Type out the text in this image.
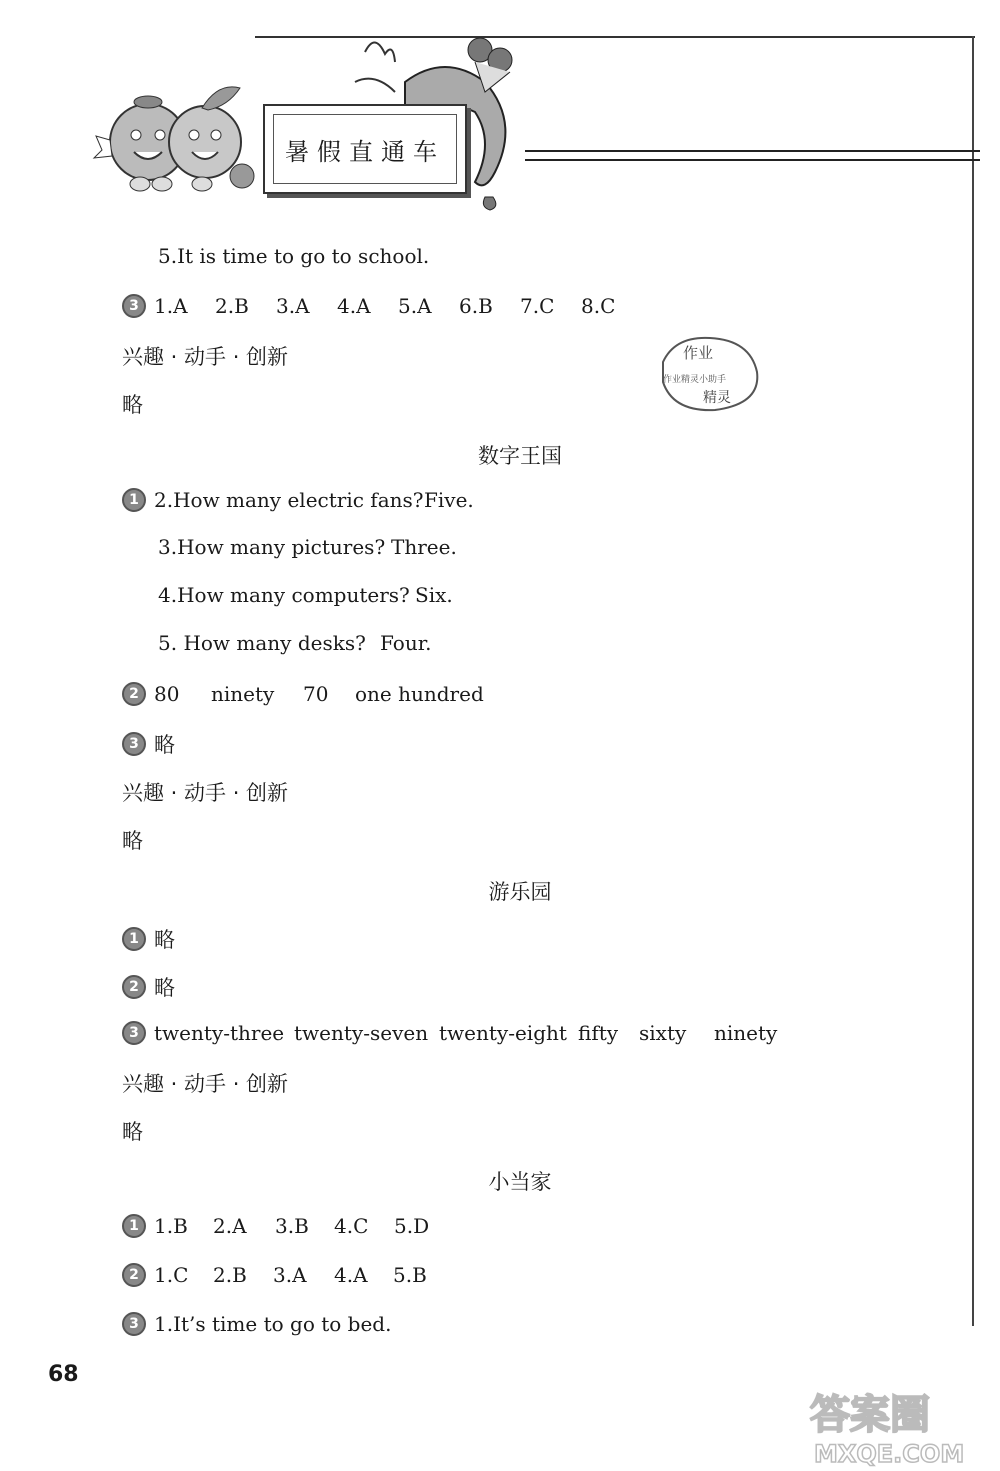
暑假直通车
5.It is time to go to school.
3 1.A	2.B	3.A	4.A	5.A	6.B	7.C	8.C
兴趣 · 动手 · 创新
略
作业
作业精灵小助手
精灵
数字王国
1 2.How many electric fans? Five.
3.How many pictures? Three.
4.How many computers? Six.
5. How many desks? Four.
2 80	ninety	70	one hundred
3 略
兴趣 · 动手 · 创新
略
游乐园
1 略
2 略
3 twenty-three twenty-seven twenty-eight fifty	sixty	ninety
兴趣 · 动手 · 创新
略
小当家
1 1.B	2.A	3.B	4.C	5.D
2 1.C	2.B	3.A	4.A	5.B
3 1.It’s time to go to bed.
68
答案圈
MXQE.COM
